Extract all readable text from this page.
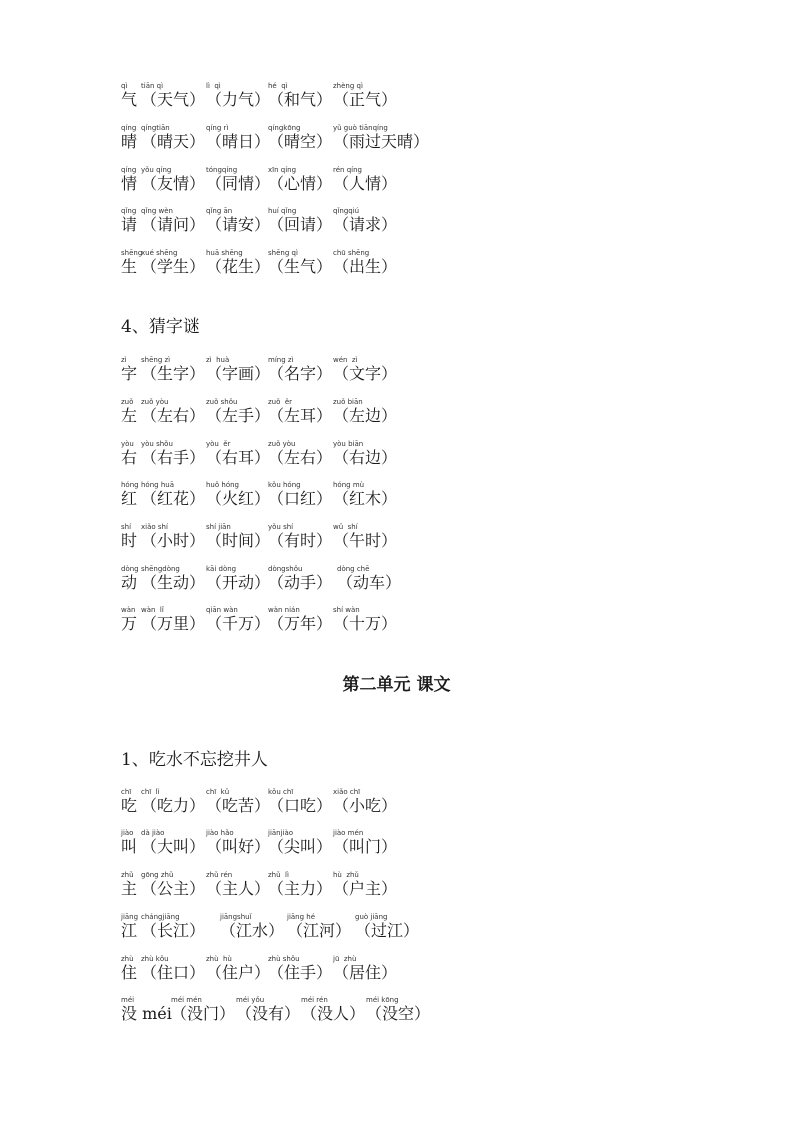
qì
气
tiān qì
（天气）
lì  qì
（力气）
hé  qì
（和气）
zhèng qì
（正气）
qíng
晴
qíngtiān
（晴天）
qíng rì
（晴日）
qíngkōng
（晴空）
yǔ guò tiānqíng
（雨过天晴）
qíng
情
yǒu qíng
（友情）
tóngqíng
（同情）
xīn qíng
（心情）
rén qíng
（人情）
qǐng
请
qǐng wèn
（请问）
qǐng ān
（请安）
huí qǐng
（回请）
qǐngqiú
（请求）
shēng
生
xué shēng
（学生）
huā shēng
（花生）
shēng qì
（生气）
chū shēng
（出生）
4、猜字谜
zì
字
shēng zì
（生字）
zì  huà
（字画）
míng zì
（名字）
wén  zì
（文字）
zuǒ
左
zuǒ yòu
（左右）
zuǒ shǒu
（左手）
zuǒ  ěr
（左耳）
zuǒ biān
（左边）
yòu
右
yòu shǒu
（右手）
yòu  ěr
（右耳）
zuǒ yòu
（左右）
yòu biān
（右边）
hóng
红
hóng huā
（红花）
huǒ hóng
（火红）
kǒu hóng
（口红）
hóng mù
（红木）
shí
时
xiǎo shí
（小时）
shí jiān
（时间）
yǒu shí
（有时）
wǔ  shí
（午时）
dòng
动
shēngdòng
（生动）
kāi dòng
（开动）
dòngshǒu
（动手）
dòng chē
（动车）
wàn
万
wàn  lǐ
（万里）
qiān wàn
（千万）
wàn nián
（万年）
shí wàn
（十万）
第二单元 课文
1、吃水不忘挖井人
chī
吃
chī  lì
（吃力）
chī  kǔ
（吃苦）
kǒu chī
（口吃）
xiǎo chī
（小吃）
jiào
叫
dà jiào
（大叫）
jiào hǎo
（叫好）
jiānjiào
（尖叫）
jiào mén
（叫门）
zhǔ
主
gōng zhǔ
（公主）
zhǔ rén
（主人）
zhǔ  lì
（主力）
hù  zhǔ
（户主）
jiāng
江
chángjiāng
（长江）
jiāngshuǐ
（江水）
jiāng hé
（江河）
guò jiāng
（过江）
zhù
住
zhù kǒu
（住口）
zhù  hù
（住户）
zhù shǒu
（住手）
jū  zhù
（居住）
méi
没 méi
méi mén
（没门）
méi yǒu
（没有）
méi rén
（没人）
méi kōng
（没空）
